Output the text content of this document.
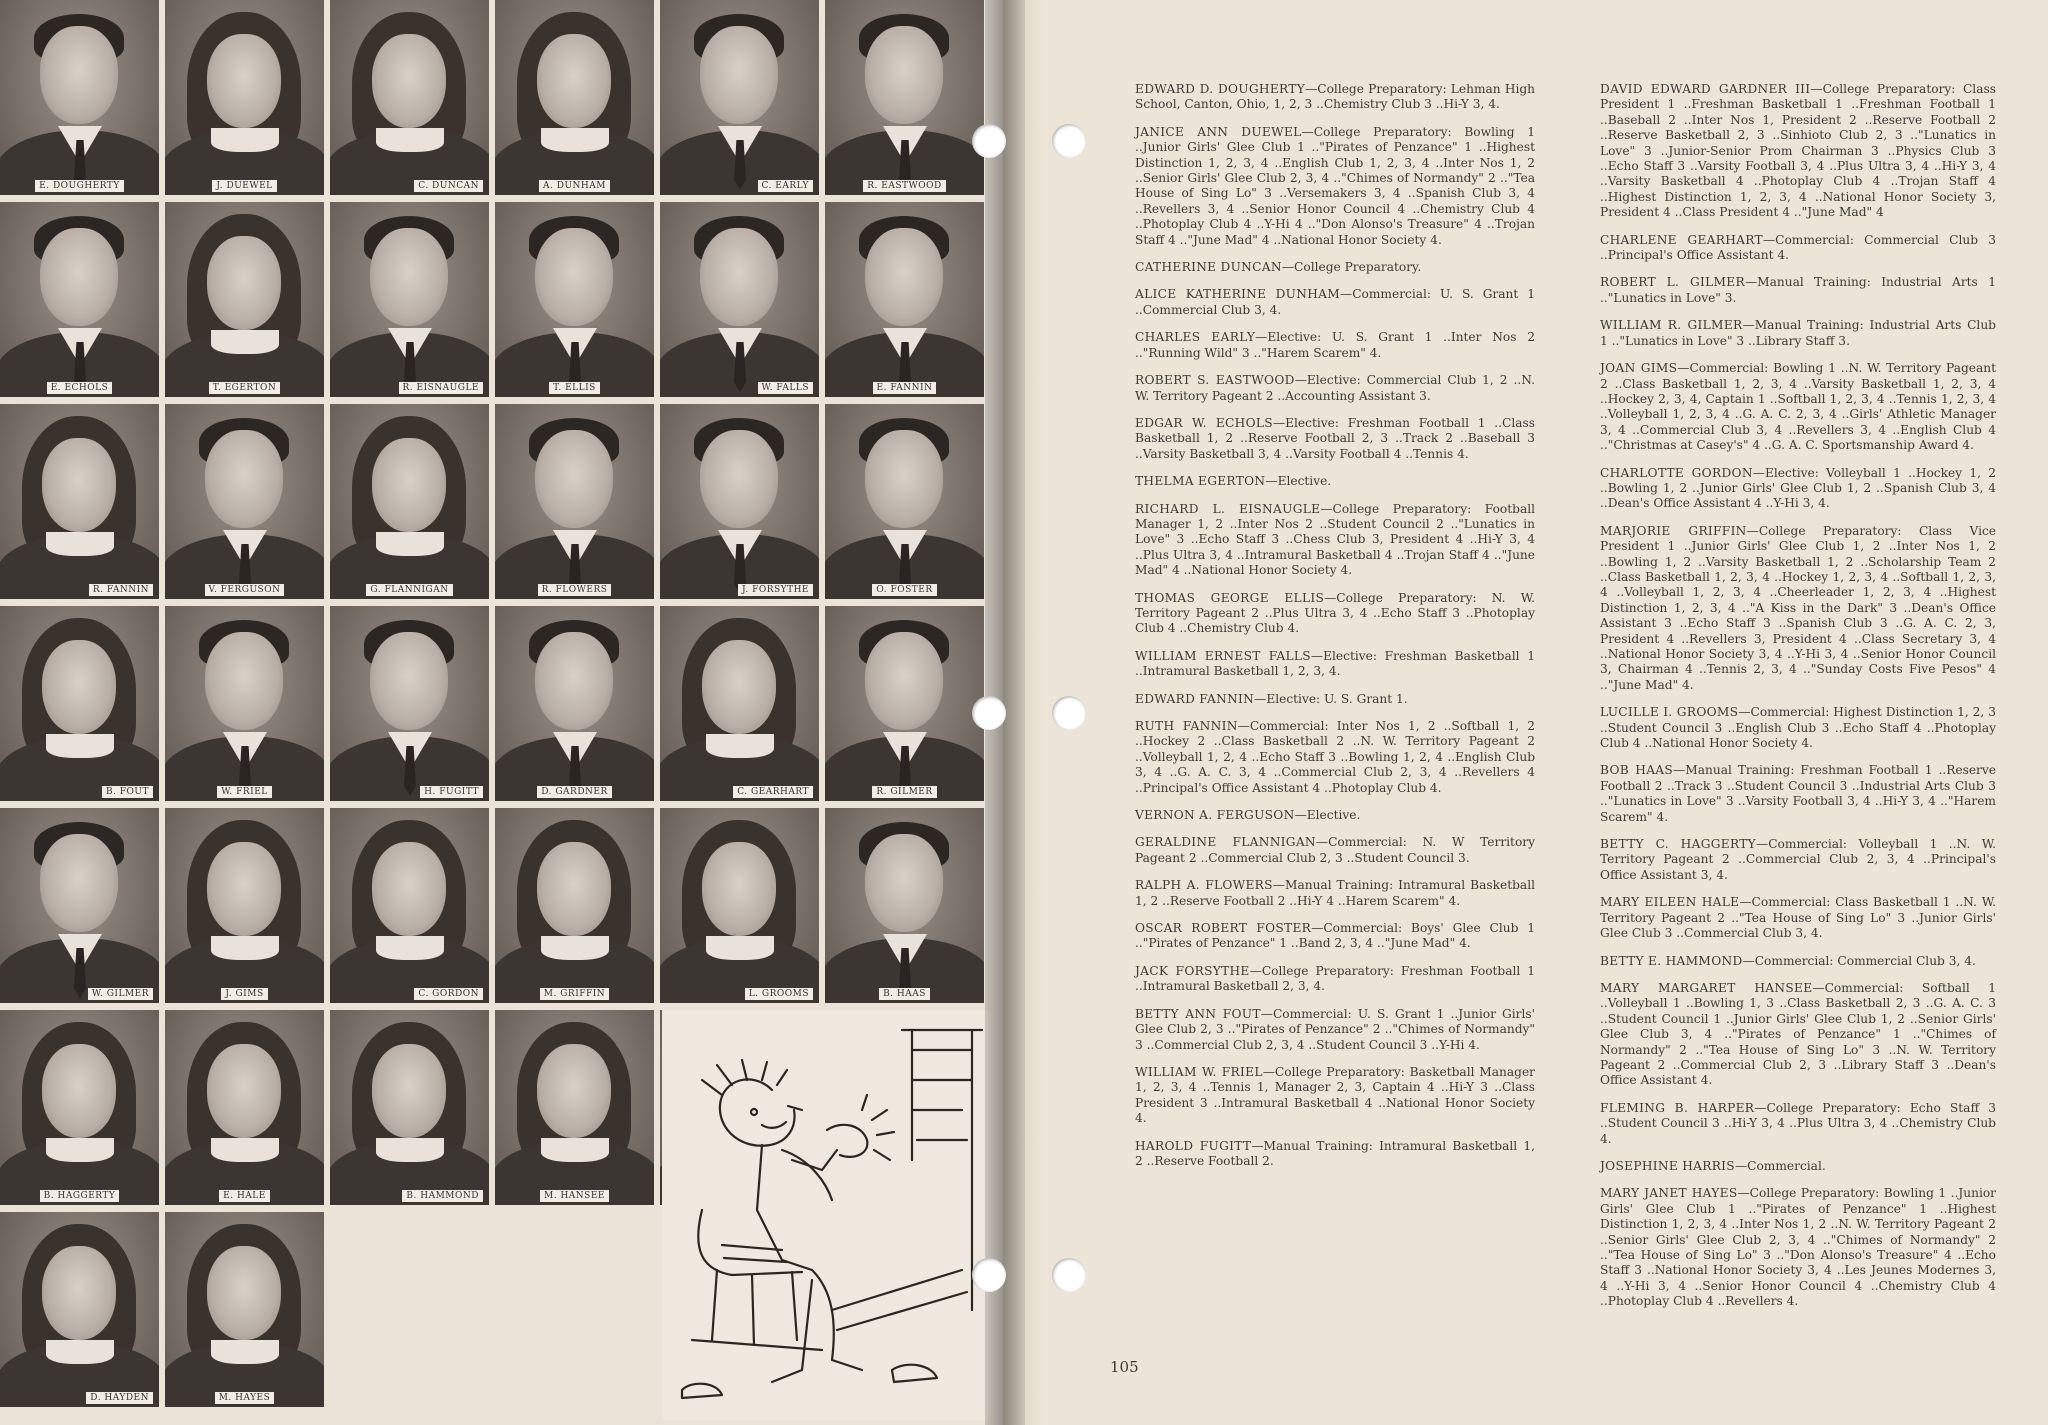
E. DOUGHERTY	J. DUEWEL	C. DUNCAN	A. DUNHAM	C. EARLY	R. EASTWOOD
E. ECHOLS	T. EGERTON	R. EISNAUGLE	T. ELLIS	W. FALLS	E. FANNIN
R. FANNIN	V. FERGUSON	G. FLANNIGAN	R. FLOWERS	J. FORSYTHE	O. FOSTER
B. FOUT	W. FRIEL	H. FUGITT	D. GARDNER	C. GEARHART	R. GILMER
W. GILMER	J. GIMS	C. GORDON	M. GRIFFIN	L. GROOMS	B. HAAS
B. HAGGERTY	E. HALE	B. HAMMOND	M. HANSEE
D. HAYDEN	M. HAYES

EDWARD D. DOUGHERTY—College Preparatory: Lehman High School, Canton, Ohio, 1, 2, 3 ..Chemistry Club 3 ..Hi-Y 3, 4.

JANICE ANN DUEWEL—College Preparatory: Bowling 1 ..Junior Girls' Glee Club 1 .."Pirates of Penzance" 1 ..Highest Distinction 1, 2, 3, 4 ..English Club 1, 2, 3, 4 ..Inter Nos 1, 2 ..Senior Girls' Glee Club 2, 3, 4 .."Chimes of Normandy" 2 .."Tea House of Sing Lo" 3 ..Versemakers 3, 4 ..Spanish Club 3, 4 ..Revellers 3, 4 ..Senior Honor Council 4 ..Chemistry Club 4 ..Photoplay Club 4 ..Y-Hi 4 .."Don Alonso's Treasure" 4 ..Trojan Staff 4 .."June Mad" 4 ..National Honor Society 4.

CATHERINE DUNCAN—College Preparatory.

ALICE KATHERINE DUNHAM—Commercial: U. S. Grant 1 ..Commercial Club 3, 4.

CHARLES EARLY—Elective: U. S. Grant 1 ..Inter Nos 2 .."Running Wild" 3 .."Harem Scarem" 4.

ROBERT S. EASTWOOD—Elective: Commercial Club 1, 2 ..N. W. Territory Pageant 2 ..Accounting Assistant 3.

EDGAR W. ECHOLS—Elective: Freshman Football 1 ..Class Basketball 1, 2 ..Reserve Football 2, 3 ..Track 2 ..Baseball 3 ..Varsity Basketball 3, 4 ..Varsity Football 4 ..Tennis 4.

THELMA EGERTON—Elective.

RICHARD L. EISNAUGLE—College Preparatory: Football Manager 1, 2 ..Inter Nos 2 ..Student Council 2 .."Lunatics in Love" 3 ..Echo Staff 3 ..Chess Club 3, President 4 ..Hi-Y 3, 4 ..Plus Ultra 3, 4 ..Intramural Basketball 4 ..Trojan Staff 4 .."June Mad" 4 ..National Honor Society 4.

THOMAS GEORGE ELLIS—College Preparatory: N. W. Territory Pageant 2 ..Plus Ultra 3, 4 ..Echo Staff 3 ..Photoplay Club 4 ..Chemistry Club 4.

WILLIAM ERNEST FALLS—Elective: Freshman Basketball 1 ..Intramural Basketball 1, 2, 3, 4.

EDWARD FANNIN—Elective: U. S. Grant 1.

RUTH FANNIN—Commercial: Inter Nos 1, 2 ..Softball 1, 2 ..Hockey 2 ..Class Basketball 2 ..N. W. Territory Pageant 2 ..Volleyball 1, 2, 4 ..Echo Staff 3 ..Bowling 1, 2, 4 ..English Club 3, 4 ..G. A. C. 3, 4 ..Commercial Club 2, 3, 4 ..Revellers 4 ..Principal's Office Assistant 4 ..Photoplay Club 4.

VERNON A. FERGUSON—Elective.

GERALDINE FLANNIGAN—Commercial: N. W Territory Pageant 2 ..Commercial Club 2, 3 ..Student Council 3.

RALPH A. FLOWERS—Manual Training: Intramural Basketball 1, 2 ..Reserve Football 2 ..Hi-Y 4 ..Harem Scarem" 4.

OSCAR ROBERT FOSTER—Commercial: Boys' Glee Club 1 .."Pirates of Penzance" 1 ..Band 2, 3, 4 .."June Mad" 4.

JACK FORSYTHE—College Preparatory: Freshman Football 1 ..Intramural Basketball 2, 3, 4.

BETTY ANN FOUT—Commercial: U. S. Grant 1 ..Junior Girls' Glee Club 2, 3 .."Pirates of Penzance" 2 .."Chimes of Normandy" 3 ..Commercial Club 2, 3, 4 ..Student Council 3 ..Y-Hi 4.

WILLIAM W. FRIEL—College Preparatory: Basketball Manager 1, 2, 3, 4 ..Tennis 1, Manager 2, 3, Captain 4 ..Hi-Y 3 ..Class President 3 ..Intramural Basketball 4 ..National Honor Society 4.

HAROLD FUGITT—Manual Training: Intramural Basketball 1, 2 ..Reserve Football 2.

DAVID EDWARD GARDNER III—College Preparatory: Class President 1 ..Freshman Basketball 1 ..Freshman Football 1 ..Baseball 2 ..Inter Nos 1, President 2 ..Reserve Football 2 ..Reserve Basketball 2, 3 ..Sinhioto Club 2, 3 .."Lunatics in Love" 3 ..Junior-Senior Prom Chairman 3 ..Physics Club 3 ..Echo Staff 3 ..Varsity Football 3, 4 ..Plus Ultra 3, 4 ..Hi-Y 3, 4 ..Varsity Basketball 4 ..Photoplay Club 4 ..Trojan Staff 4 ..Highest Distinction 1, 2, 3, 4 ..National Honor Society 3, President 4 ..Class President 4 .."June Mad" 4

CHARLENE GEARHART—Commercial: Commercial Club 3 ..Principal's Office Assistant 4.

ROBERT L. GILMER—Manual Training: Industrial Arts 1 .."Lunatics in Love" 3.

WILLIAM R. GILMER—Manual Training: Industrial Arts Club 1 .."Lunatics in Love" 3 ..Library Staff 3.

JOAN GIMS—Commercial: Bowling 1 ..N. W. Territory Pageant 2 ..Class Basketball 1, 2, 3, 4 ..Varsity Basketball 1, 2, 3, 4 ..Hockey 2, 3, 4, Captain 1 ..Softball 1, 2, 3, 4 ..Tennis 1, 2, 3, 4 ..Volleyball 1, 2, 3, 4 ..G. A. C. 2, 3, 4 ..Girls' Athletic Manager 3, 4 ..Commercial Club 3, 4 ..Revellers 3, 4 ..English Club 4 .."Christmas at Casey's" 4 ..G. A. C. Sportsmanship Award 4.

CHARLOTTE GORDON—Elective: Volleyball 1 ..Hockey 1, 2 ..Bowling 1, 2 ..Junior Girls' Glee Club 1, 2 ..Spanish Club 3, 4 ..Dean's Office Assistant 4 ..Y-Hi 3, 4.

MARJORIE GRIFFIN—College Preparatory: Class Vice President 1 ..Junior Girls' Glee Club 1, 2 ..Inter Nos 1, 2 ..Bowling 1, 2 ..Varsity Basketball 1, 2 ..Scholarship Team 2 ..Class Basketball 1, 2, 3, 4 ..Hockey 1, 2, 3, 4 ..Softball 1, 2, 3, 4 ..Volleyball 1, 2, 3, 4 ..Cheerleader 1, 2, 3, 4 ..Highest Distinction 1, 2, 3, 4 .."A Kiss in the Dark" 3 ..Dean's Office Assistant 3 ..Echo Staff 3 ..Spanish Club 3 ..G. A. C. 2, 3, President 4 ..Revellers 3, President 4 ..Class Secretary 3, 4 ..National Honor Society 3, 4 ..Y-Hi 3, 4 ..Senior Honor Council 3, Chairman 4 ..Tennis 2, 3, 4 .."Sunday Costs Five Pesos" 4 .."June Mad" 4.

LUCILLE I. GROOMS—Commercial: Highest Distinction 1, 2, 3 ..Student Council 3 ..English Club 3 ..Echo Staff 4 ..Photoplay Club 4 ..National Honor Society 4.

BOB HAAS—Manual Training: Freshman Football 1 ..Reserve Football 2 ..Track 3 ..Student Council 3 ..Industrial Arts Club 3 .."Lunatics in Love" 3 ..Varsity Football 3, 4 ..Hi-Y 3, 4 .."Harem Scarem" 4.

BETTY C. HAGGERTY—Commercial: Volleyball 1 ..N. W. Territory Pageant 2 ..Commercial Club 2, 3, 4 ..Principal's Office Assistant 3, 4.

MARY EILEEN HALE—Commercial: Class Basketball 1 ..N. W. Territory Pageant 2 .."Tea House of Sing Lo" 3 ..Junior Girls' Glee Club 3 ..Commercial Club 3, 4.

BETTY E. HAMMOND—Commercial: Commercial Club 3, 4.

MARY MARGARET HANSEE—Commercial: Softball 1 ..Volleyball 1 ..Bowling 1, 3 ..Class Basketball 2, 3 ..G. A. C. 3 ..Student Council 1 ..Junior Girls' Glee Club 1, 2 ..Senior Girls' Glee Club 3, 4 .."Pirates of Penzance" 1 .."Chimes of Normandy" 2 .."Tea House of Sing Lo" 3 ..N. W. Territory Pageant 2 ..Commercial Club 2, 3 ..Library Staff 3 ..Dean's Office Assistant 4.

FLEMING B. HARPER—College Preparatory: Echo Staff 3 ..Student Council 3 ..Hi-Y 3, 4 ..Plus Ultra 3, 4 ..Chemistry Club 4.

JOSEPHINE HARRIS—Commercial.

MARY JANET HAYES—College Preparatory: Bowling 1 ..Junior Girls' Glee Club 1 .."Pirates of Penzance" 1 ..Highest Distinction 1, 2, 3, 4 ..Inter Nos 1, 2 ..N. W. Territory Pageant 2 ..Senior Girls' Glee Club 2, 3, 4 .."Chimes of Normandy" 2 .."Tea House of Sing Lo" 3 .."Don Alonso's Treasure" 4 ..Echo Staff 3 ..National Honor Society 3, 4 ..Les Jeunes Modernes 3, 4 ..Y-Hi 3, 4 ..Senior Honor Council 4 ..Chemistry Club 4 ..Photoplay Club 4 ..Revellers 4.

105
